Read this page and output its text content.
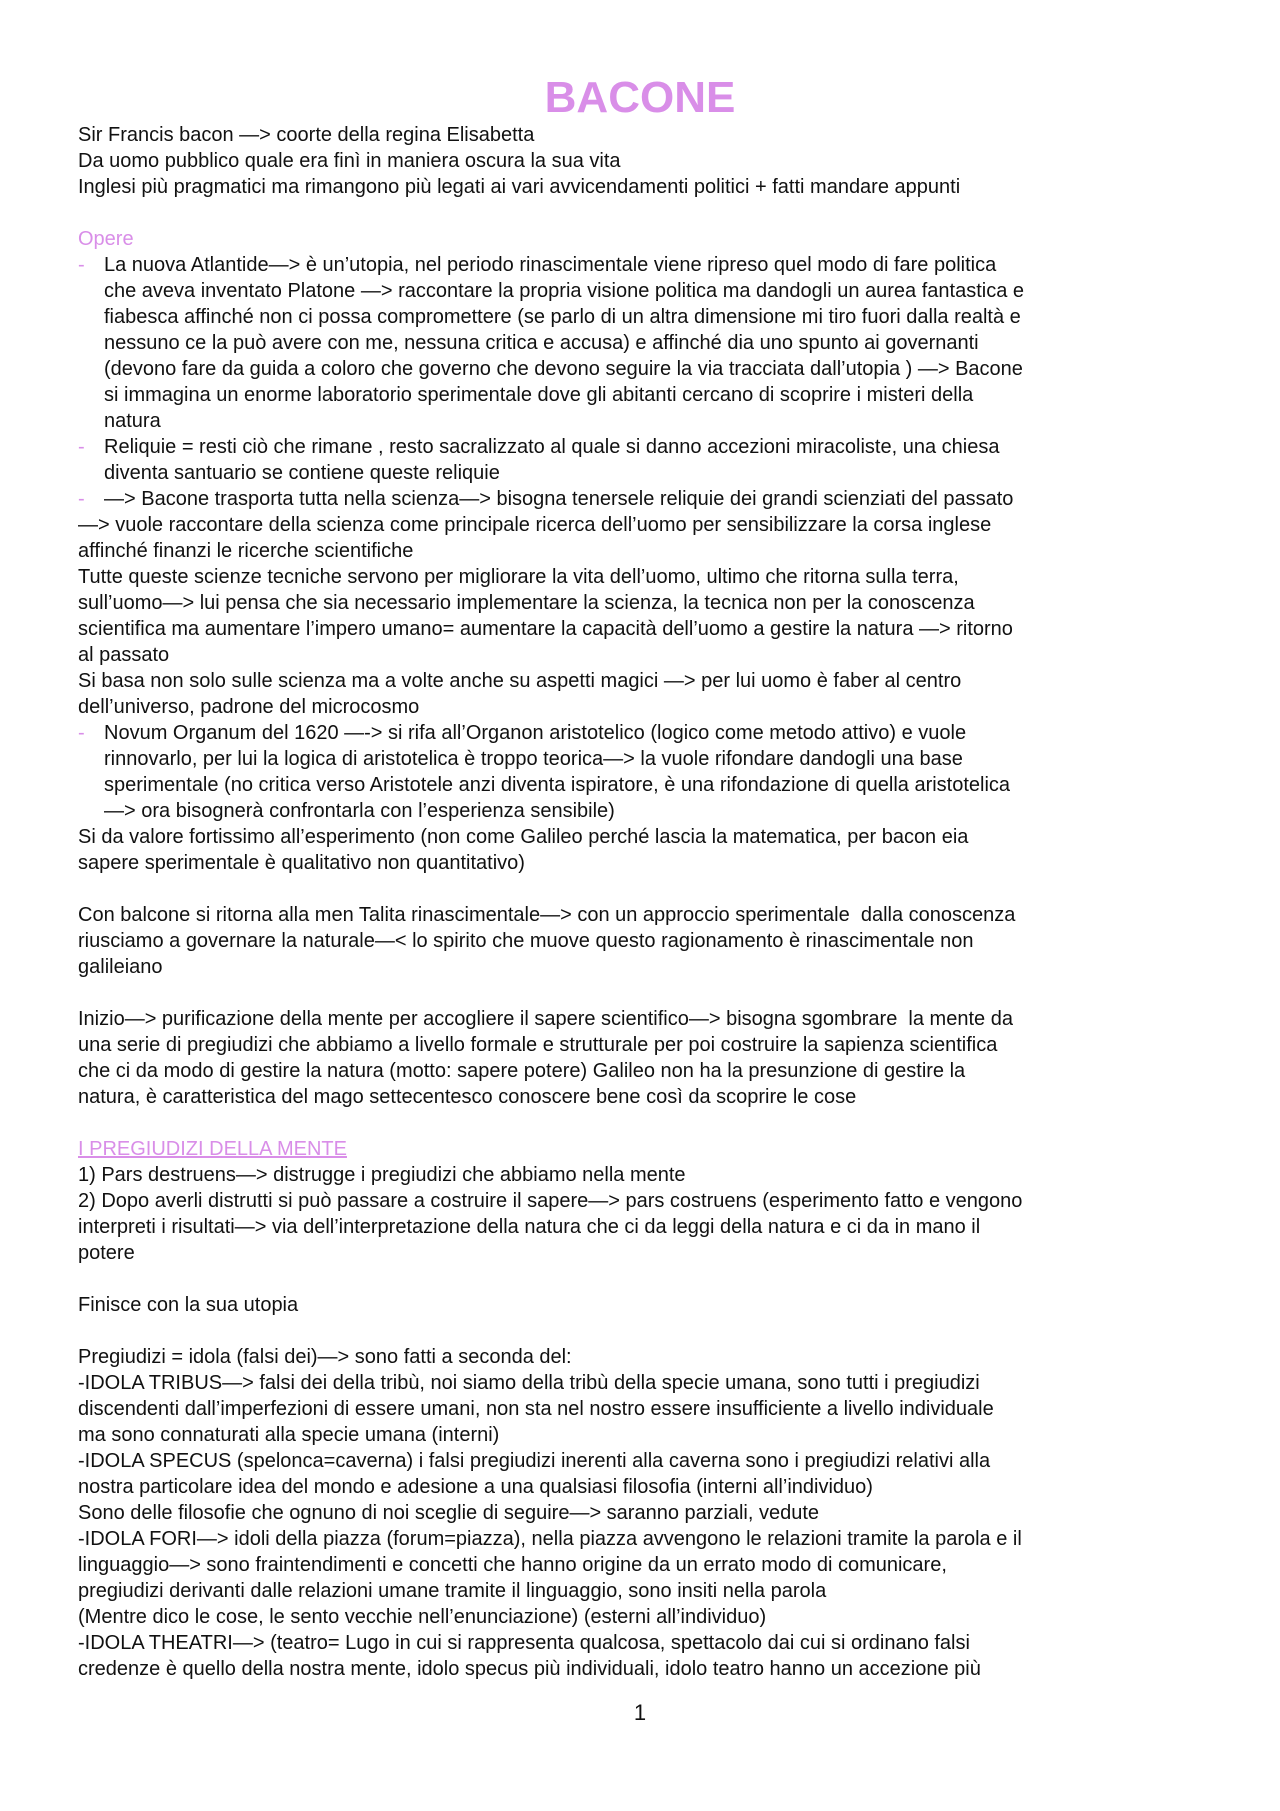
BACONE
Sir Francis bacon —> coorte della regina Elisabetta
Da uomo pubblico quale era finì in maniera oscura la sua vita
Inglesi più pragmatici ma rimangono più legati ai vari avvicendamenti politici + fatti mandare appunti
Opere
- La nuova Atlantide—> è un’utopia, nel periodo rinascimentale viene ripreso quel modo di fare politica
che aveva inventato Platone —> raccontare la propria visione politica ma dandogli un aurea fantastica e
fiabesca affinché non ci possa compromettere (se parlo di un altra dimensione mi tiro fuori dalla realtà e
nessuno ce la può avere con me, nessuna critica e accusa) e affinché dia uno spunto ai governanti
(devono fare da guida a coloro che governo che devono seguire la via tracciata dall’utopia ) —> Bacone
si immagina un enorme laboratorio sperimentale dove gli abitanti cercano di scoprire i misteri della
natura
- Reliquie = resti ciò che rimane , resto sacralizzato al quale si danno accezioni miracoliste, una chiesa
diventa santuario se contiene queste reliquie
- —> Bacone trasporta tutta nella scienza—> bisogna tenersele reliquie dei grandi scienziati del passato
—> vuole raccontare della scienza come principale ricerca dell’uomo per sensibilizzare la corsa inglese
affinché finanzi le ricerche scientifiche
Tutte queste scienze tecniche servono per migliorare la vita dell’uomo, ultimo che ritorna sulla terra,
sull’uomo—> lui pensa che sia necessario implementare la scienza, la tecnica non per la conoscenza
scientifica ma aumentare l’impero umano= aumentare la capacità dell’uomo a gestire la natura —> ritorno
al passato
Si basa non solo sulle scienza ma a volte anche su aspetti magici —> per lui uomo è faber al centro
dell’universo, padrone del microcosmo
- Novum Organum del 1620 —-> si rifa all’Organon aristotelico (logico come metodo attivo) e vuole
rinnovarlo, per lui la logica di aristotelica è troppo teorica—> la vuole rifondare dandogli una base
sperimentale (no critica verso Aristotele anzi diventa ispiratore, è una rifondazione di quella aristotelica
—> ora bisognerà confrontarla con l’esperienza sensibile)
Si da valore fortissimo all’esperimento (non come Galileo perché lascia la matematica, per bacon eia
sapere sperimentale è qualitativo non quantitativo)
Con balcone si ritorna alla men Talita rinascimentale—> con un approccio sperimentale  dalla conoscenza
riusciamo a governare la naturale—< lo spirito che muove questo ragionamento è rinascimentale non
galileiano
Inizio—> purificazione della mente per accogliere il sapere scientifico—> bisogna sgombrare  la mente da
una serie di pregiudizi che abbiamo a livello formale e strutturale per poi costruire la sapienza scientifica
che ci da modo di gestire la natura (motto: sapere potere) Galileo non ha la presunzione di gestire la
natura, è caratteristica del mago settecentesco conoscere bene così da scoprire le cose
I PREGIUDIZI DELLA MENTE
1) Pars destruens—> distrugge i pregiudizi che abbiamo nella mente
2) Dopo averli distrutti si può passare a costruire il sapere—> pars costruens (esperimento fatto e vengono
interpreti i risultati—> via dell’interpretazione della natura che ci da leggi della natura e ci da in mano il
potere
Finisce con la sua utopia
Pregiudizi = idola (falsi dei)—> sono fatti a seconda del:
-IDOLA TRIBUS—> falsi dei della tribù, noi siamo della tribù della specie umana, sono tutti i pregiudizi
discendenti dall’imperfezioni di essere umani, non sta nel nostro essere insufficiente a livello individuale
ma sono connaturati alla specie umana (interni)
-IDOLA SPECUS (spelonca=caverna) i falsi pregiudizi inerenti alla caverna sono i pregiudizi relativi alla
nostra particolare idea del mondo e adesione a una qualsiasi filosofia (interni all’individuo)
Sono delle filosofie che ognuno di noi sceglie di seguire—> saranno parziali, vedute
-IDOLA FORI—> idoli della piazza (forum=piazza), nella piazza avvengono le relazioni tramite la parola e il
linguaggio—> sono fraintendimenti e concetti che hanno origine da un errato modo di comunicare,
pregiudizi derivanti dalle relazioni umane tramite il linguaggio, sono insiti nella parola
(Mentre dico le cose, le sento vecchie nell’enunciazione) (esterni all’individuo)
-IDOLA THEATRI—> (teatro= Lugo in cui si rappresenta qualcosa, spettacolo dai cui si ordinano falsi
credenze è quello della nostra mente, idolo specus più individuali, idolo teatro hanno un accezione più
1
